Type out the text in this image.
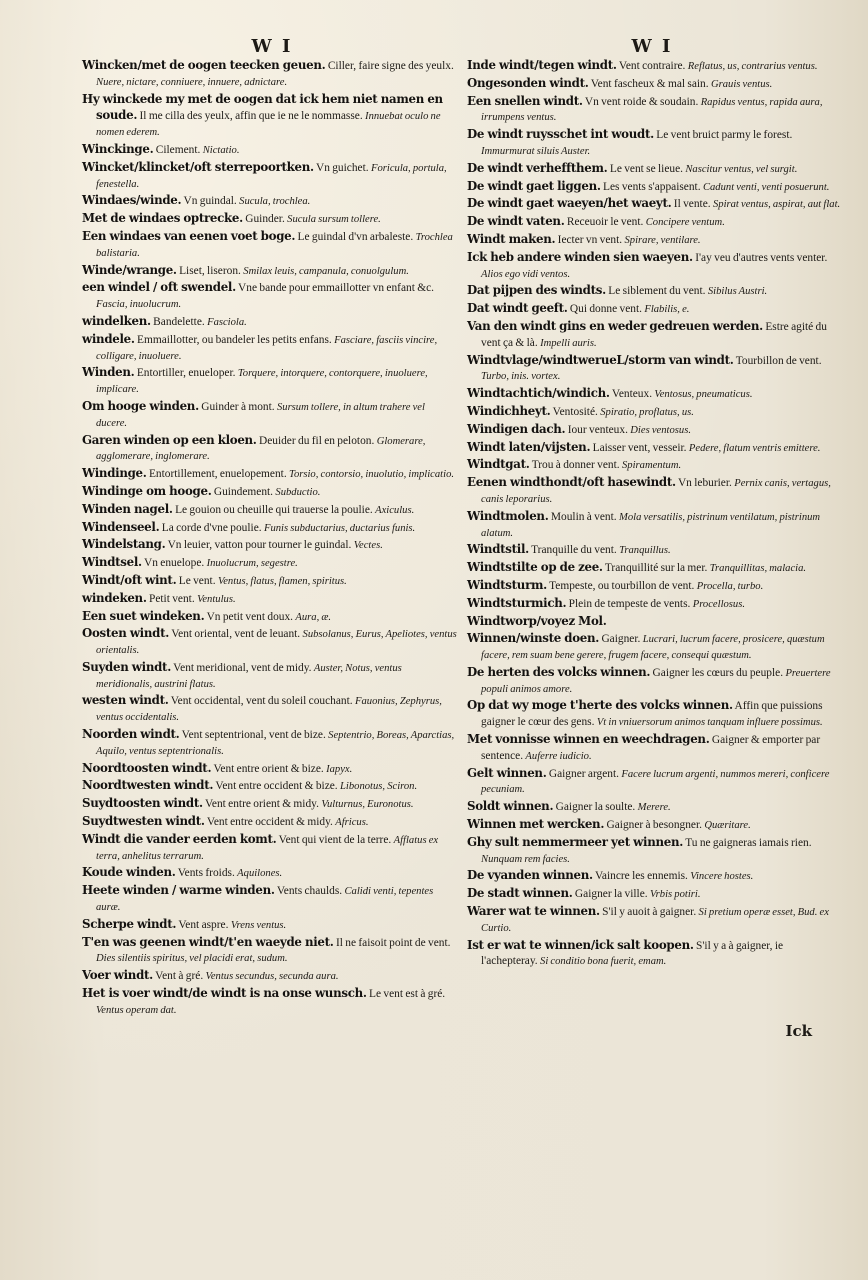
W I	W I
Wincken/met de oogen teecken geuen. Ciller, faire signe des yeulx. Nuere, nictare, conniuere, innuere, adnictare.
Hy winckede my met de oogen dat ick hem niet namen en soude. Il me cilla des yeulx, affin que ie ne le nommasse. Innuebat oculo ne nomen ederem.
Winckinge. Cilement. Nictatio.
Wincket/klincket/oft sterrepoortken. Vn guichet. Foricula, portula, fenestella.
Windaes/winde. Vn guindal. Sucula, trochlea.
Met de windaes optrecke. Guinder. Sucula sursum tollere.
Een windaes van eenen voet boge. Le guindal d'vn arbaleste. Trochlea balistaria.
Winde/wrange. Liset, liseron. Smilax leuis, campanula, conuolgulum.
een windel / oft swendel. Vne bande pour emmaillotter vn enfant &c. Fascia, inuolucrum.
windelken. Bandelette. Fasciola.
windele. Emmaillotter, ou bandeler les petits enfans. Fasciare, fasciis vincire, colligare, inuoluere.
Winden. Entortiller, enueloper. Torquere, intorquere, contorquere, inuoluere, implicare.
Om hooge winden. Guinder à mont. Sursum tollere, in altum trahere vel ducere.
Garen winden op een kloen. Deuider du fil en peloton. Glomerare, agglomerare, inglomerare.
Windinge. Entortillement, enuelopement. Torsio, contorsio, inuolutio, implicatio.
Windinge om hooge. Guindement. Subductio.
Winden nagel. Le gouion ou cheuille qui trauerse la poulie. Axiculus.
Windenseel. La corde d'vne poulie. Funis subductarius, ductarius funis.
Windelstang. Vn leuier, vatton pour tourner le guindal. Vectes.
Windtsel. Vn enuelope. Inuolucrum, segestre.
Windt/oft wint. Le vent. Ventus, flatus, flamen, spiritus.
windeken. Petit vent. Ventulus.
Een suet windeken. Vn petit vent doux. Aura, æ.
Oosten windt. Vent oriental, vent de leuant. Subsolanus, Eurus, Apeliotes, ventus orientalis.
Suyden windt. Vent meridional, vent de midy. Auster, Notus, ventus meridionalis, austrini flatus.
westen windt. Vent occidental, vent du soleil couchant. Fauonius, Zephyrus, ventus occidentalis.
Noorden windt. Vent septentrional, vent de bize. Septentrio, Boreas, Aparctias, Aquilo, ventus septentrionalis.
Noordtoosten windt. Vent entre orient & bize. Iapyx.
Noordtwesten windt. Vent entre occident & bize. Libonotus, Sciron.
Suydtoosten windt. Vent entre orient & midy. Vulturnus, Euronotus.
Suydtwesten windt. Vent entre occident & midy. Africus.
Windt die vander eerden komt. Vent qui vient de la terre. Afflatus ex terra, anhelitus terrarum.
Koude winden. Vents froids. Aquilones.
Heete winden / warme winden. Vents chaulds. Calidi venti, tepentes auræ.
Scherpe windt. Vent aspre. Vrens ventus.
T'en was geenen windt/t'en waeyde niet. Il ne faisoit point de vent. Dies silentiis spiritus, vel placidi erat, sudum.
Voer windt. Vent à gré. Ventus secundus, secunda aura.
Het is voer windt/de windt is na onse wunsch. Le vent est à gré. Ventus operam dat.
Inde windt/tegen windt. Vent contraire. Reflatus, us, contrarius ventus.
Ongesonden windt. Vent fascheux & mal sain. Grauis ventus.
Een snellen windt. Vn vent roide & soudain. Rapidus ventus, rapida aura, irrumpens ventus.
De windt ruysschet int woudt. Le vent bruict parmy le forest. Immurmurat siluis Auster.
De windt verheffthem. Le vent se lieue. Nascitur ventus, vel surgit.
De windt gaet liggen. Les vents s'appaisent. Cadunt venti, venti posuerunt.
De windt gaet waeyen/het waeyt. Il vente. Spirat ventus, aspirat, aut flat.
De windt vaten. Receuoir le vent. Concipere ventum.
Windt maken. Iecter vn vent. Spirare, ventilare.
Ick heb andere winden sien waeyen. I'ay veu d'autres vents venter. Alios ego vidi ventos.
Dat pijpen des windts. Le siblement du vent. Sibilus Austri.
Dat windt geeft. Qui donne vent. Flabilis, e.
Van den windt gins en weder gedreuen werden. Estre agité du vent ça & là. Impelli auris.
Windtvlage/windtwerueL/storm van windt. Tourbillon de vent. Turbo, inis. vortex.
Windtachtich/windich. Venteux. Ventosus, pneumaticus.
Windichheyt. Ventosité. Spiratio, proflatus, us.
Windigen dach. Iour venteux. Dies ventosus.
Windt laten/vijsten. Laisser vent, vesseir. Pedere, flatum ventris emittere.
Windtgat. Trou à donner vent. Spiramentum.
Eenen windthondt/oft hasewindt. Vn leburier. Pernix canis, vertagus, canis leporarius.
Windtmolen. Moulin à vent. Mola versatilis, pistrinum ventilatum, pistrinum alatum.
Windtstil. Tranquille du vent. Tranquillus.
Windtstilte op de zee. Tranquillité sur la mer. Tranquillitas, malacia.
Windtsturm. Tempeste, ou tourbillon de vent. Procella, turbo.
Windtsturmich. Plein de tempeste de vents. Procellosus.
Windtworp/voyez Mol.
Winnen/winste doen. Gaigner. Lucrari, lucrum facere, prosicere, quæstum facere, rem suam bene gerere, frugem facere, consequi quæstum.
De herten des volcks winnen. Gaigner les cœurs du peuple. Preuertere populi animos amore.
Op dat wy moge t'herte des volcks winnen. Affin que puissions gaigner le cœur des gens. Vt in vniuersorum animos tanquam influere possimus.
Met vonnisse winnen en weechdragen. Gaigner & emporter par sentence. Auferre iudicio.
Gelt winnen. Gaigner argent. Facere lucrum argenti, nummos mereri, conficere pecuniam.
Soldt winnen. Gaigner la soulte. Merere.
Winnen met wercken. Gaigner à besongner. Quæritare.
Ghy sult nemmermeer yet winnen. Tu ne gaigneras iamais rien. Nunquam rem facies.
De vyanden winnen. Vaincre les ennemis. Vincere hostes.
De stadt winnen. Gaigner la ville. Vrbis potiri.
Warer wat te winnen. S'il y auoit à gaigner. Si pretium operæ esset, Bud. ex Curtio.
Ist er wat te winnen/ick salt koopen. S'il y a à gaigner, ie l'achepteray. Si conditio bona fuerit, emam.
Ick
